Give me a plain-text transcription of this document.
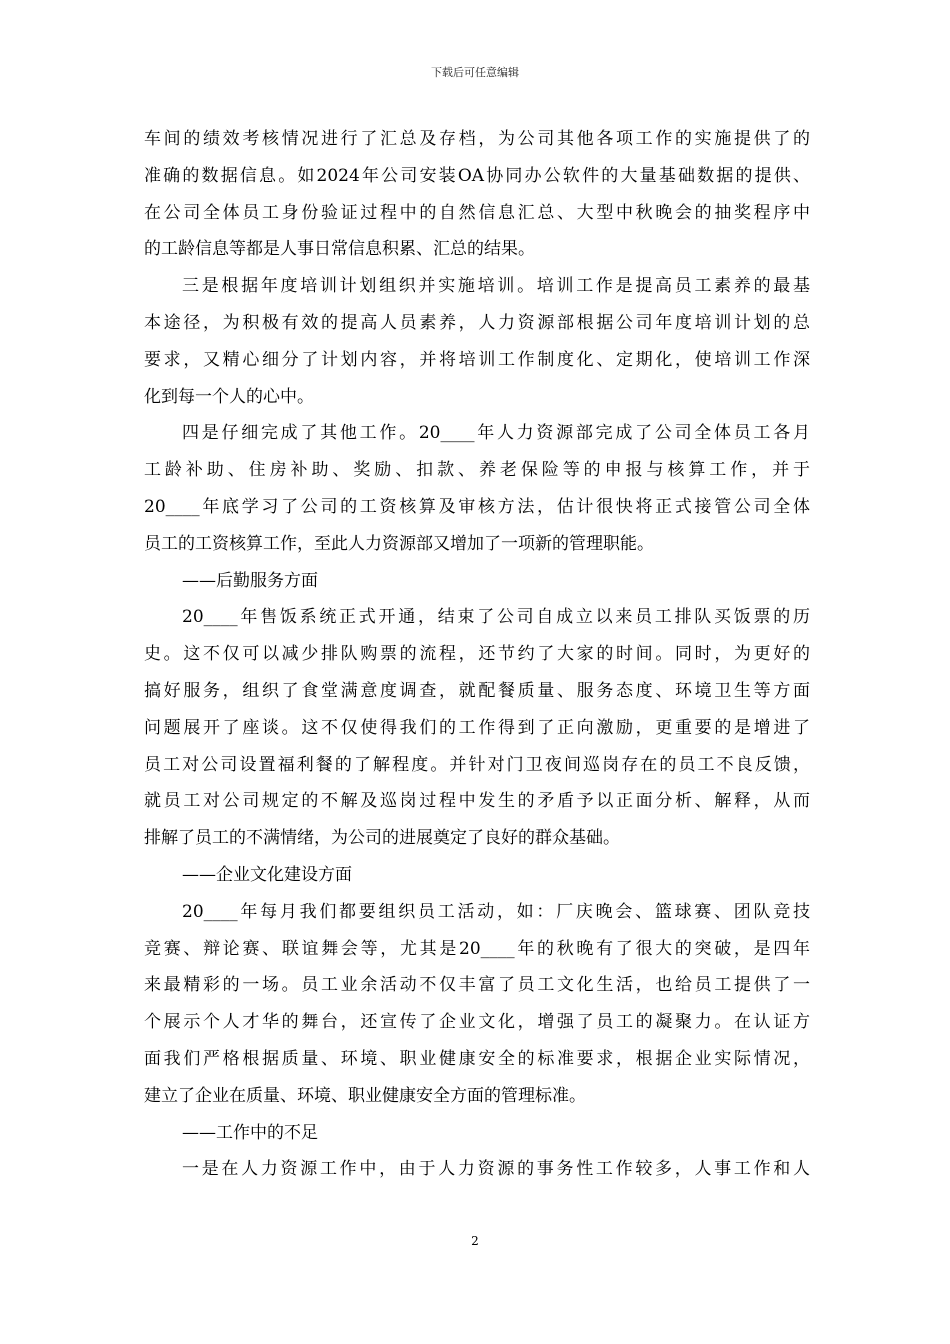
下载后可任意编辑
车间的绩效考核情况进行了汇总及存档，为公司其他各项工作的实施提供了的
准确的数据信息。如2024年公司安装OA协同办公软件的大量基础数据的提供、
在公司全体员工身份验证过程中的自然信息汇总、大型中秋晚会的抽奖程序中
的工龄信息等都是人事日常信息积累、汇总的结果。
三是根据年度培训计划组织并实施培训。培训工作是提高员工素养的最基
本途径，为积极有效的提高人员素养，人力资源部根据公司年度培训计划的总
要求，又精心细分了计划内容，并将培训工作制度化、定期化，使培训工作深
化到每一个人的心中。
四是仔细完成了其他工作。20____年人力资源部完成了公司全体员工各月
工龄补助、住房补助、奖励、扣款、养老保险等的申报与核算工作，并于
20____年底学习了公司的工资核算及审核方法，估计很快将正式接管公司全体
员工的工资核算工作，至此人力资源部又增加了一项新的管理职能。
——后勤服务方面
20____年售饭系统正式开通，结束了公司自成立以来员工排队买饭票的历
史。这不仅可以减少排队购票的流程，还节约了大家的时间。同时，为更好的
搞好服务，组织了食堂满意度调查，就配餐质量、服务态度、环境卫生等方面
问题展开了座谈。这不仅使得我们的工作得到了正向激励，更重要的是增进了
员工对公司设置福利餐的了解程度。并针对门卫夜间巡岗存在的员工不良反馈，
就员工对公司规定的不解及巡岗过程中发生的矛盾予以正面分析、解释，从而
排解了员工的不满情绪，为公司的进展奠定了良好的群众基础。
——企业文化建设方面
20____年每月我们都要组织员工活动，如：厂庆晚会、篮球赛、团队竞技
竞赛、辩论赛、联谊舞会等，尤其是20____年的秋晚有了很大的突破，是四年
来最精彩的一场。员工业余活动不仅丰富了员工文化生活，也给员工提供了一
个展示个人才华的舞台，还宣传了企业文化，增强了员工的凝聚力。在认证方
面我们严格根据质量、环境、职业健康安全的标准要求，根据企业实际情况，
建立了企业在质量、环境、职业健康安全方面的管理标准。
——工作中的不足
一是在人力资源工作中，由于人力资源的事务性工作较多，人事工作和人
2
